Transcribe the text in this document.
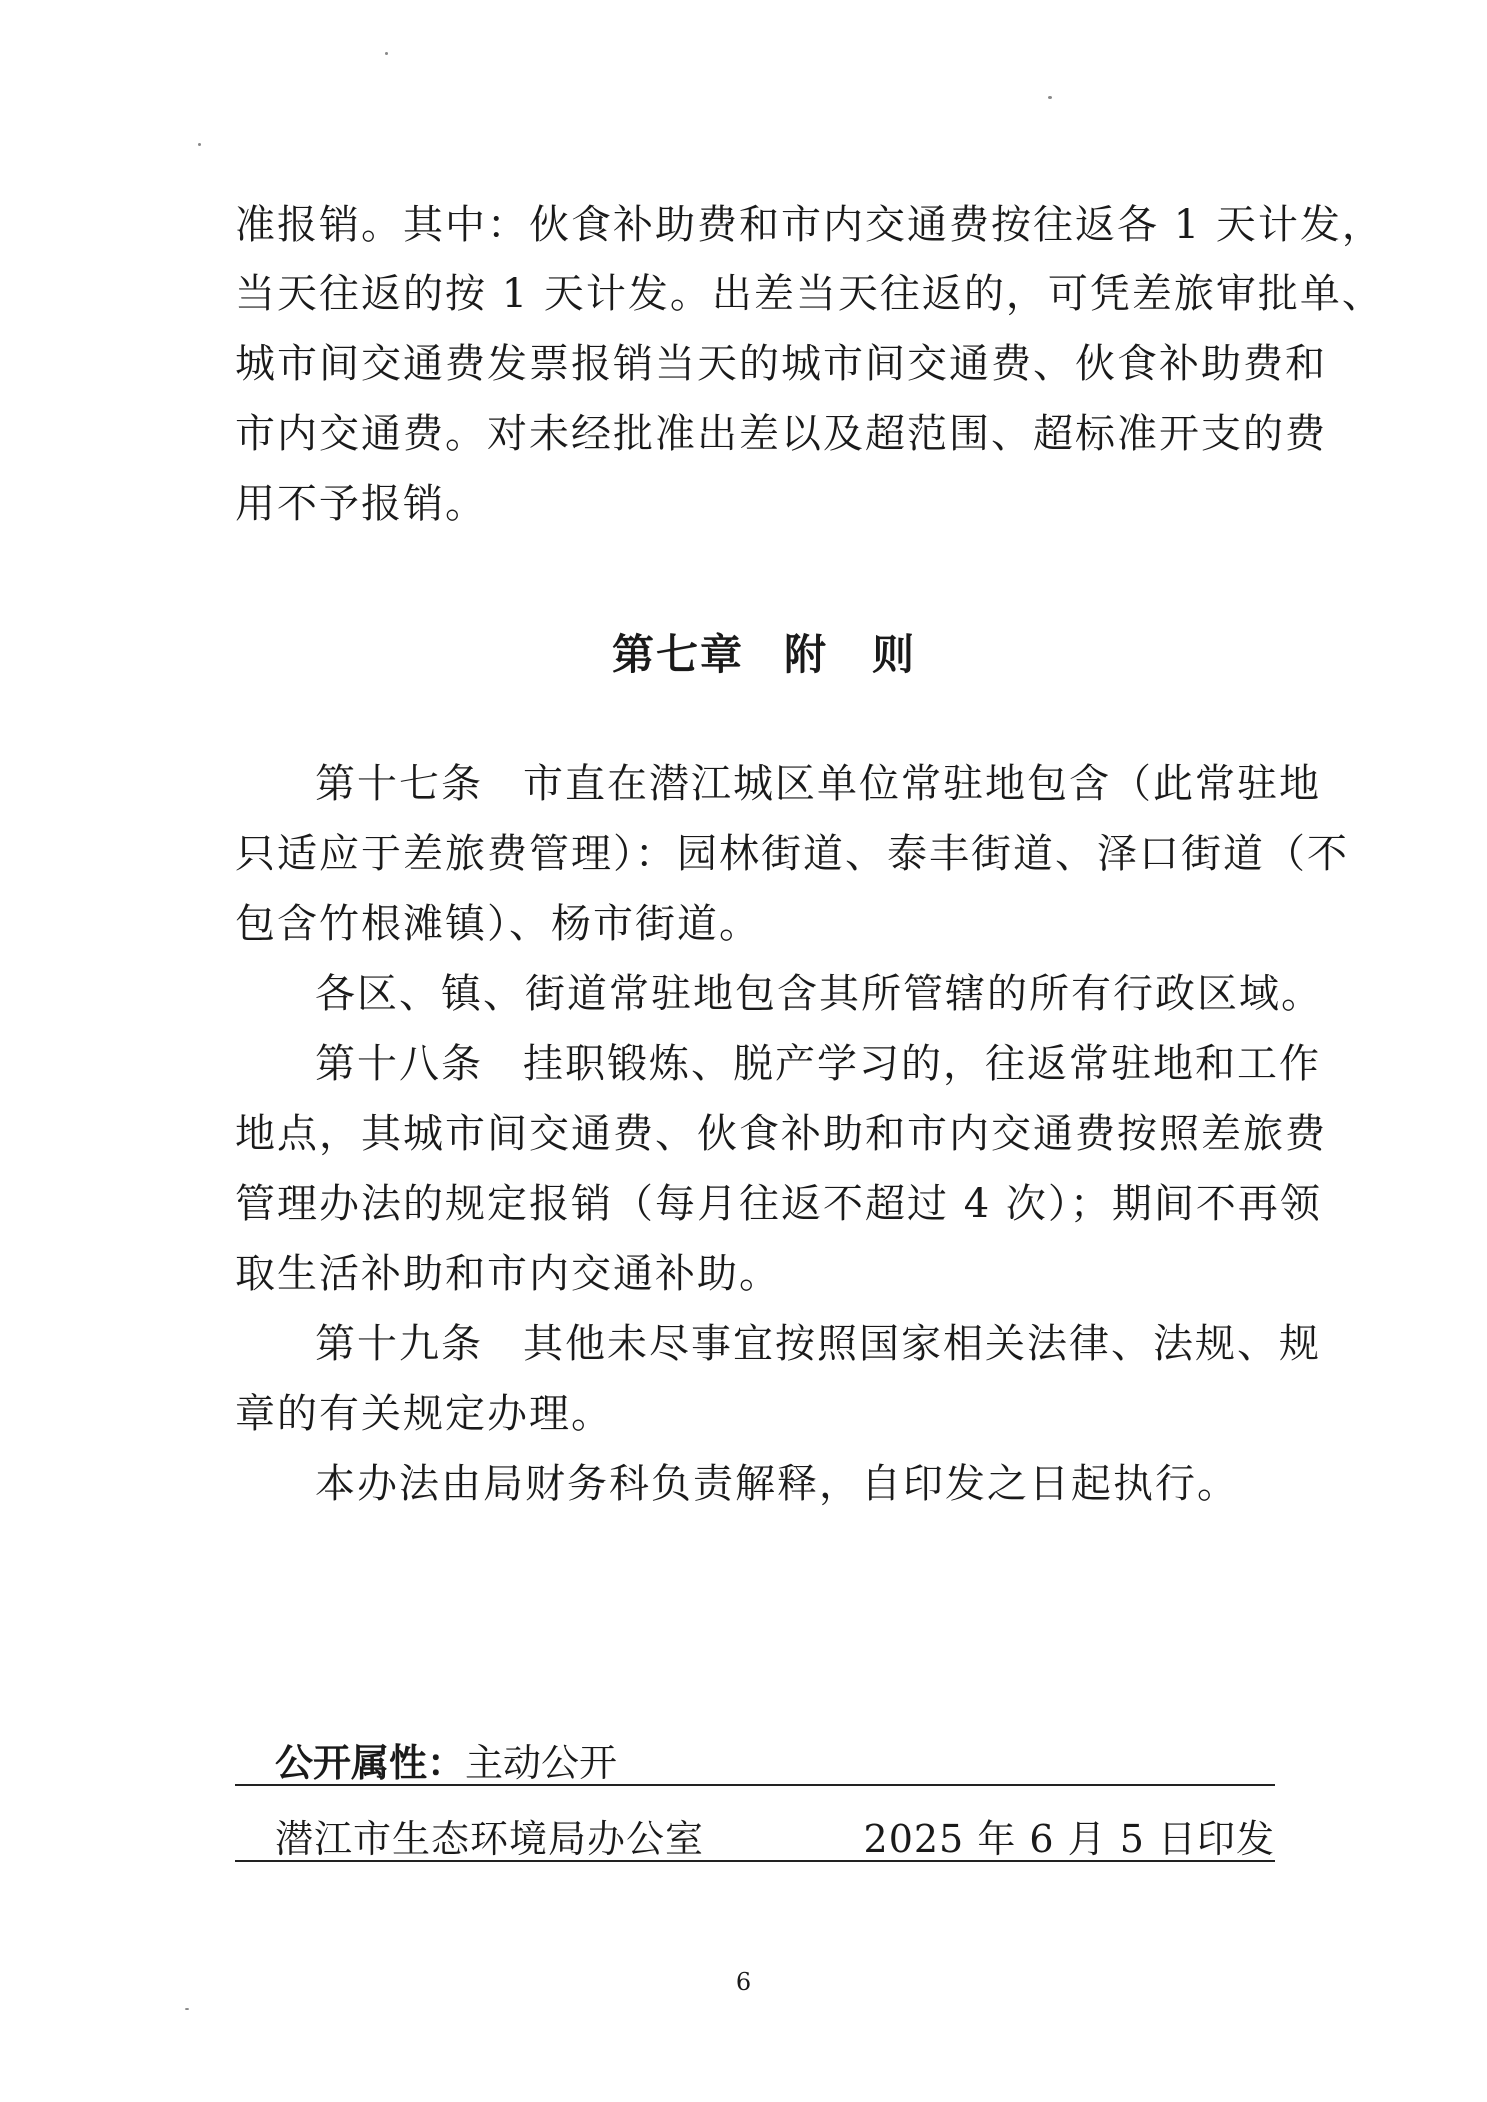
准报销。其中：伙食补助费和市内交通费按往返各 1 天计发，
当天往返的按 1 天计发。出差当天往返的，可凭差旅审批单、
城市间交通费发票报销当天的城市间交通费、伙食补助费和
市内交通费。对未经批准出差以及超范围、超标准开支的费
用不予报销。
第七章 附　则
第十七条 市直在潜江城区单位常驻地包含（此常驻地
只适应于差旅费管理）：园林街道、泰丰街道、泽口街道（不
包含竹根滩镇）、杨市街道。
各区、镇、街道常驻地包含其所管辖的所有行政区域。
第十八条 挂职锻炼、脱产学习的，往返常驻地和工作
地点，其城市间交通费、伙食补助和市内交通费按照差旅费
管理办法的规定报销（每月往返不超过 4 次）；期间不再领
取生活补助和市内交通补助。
第十九条 其他未尽事宜按照国家相关法律、法规、规
章的有关规定办理。
本办法由局财务科负责解释，自印发之日起执行。
公开属性：主动公开
潜江市生态环境局办公室	2025 年 6 月 5 日印发
6
